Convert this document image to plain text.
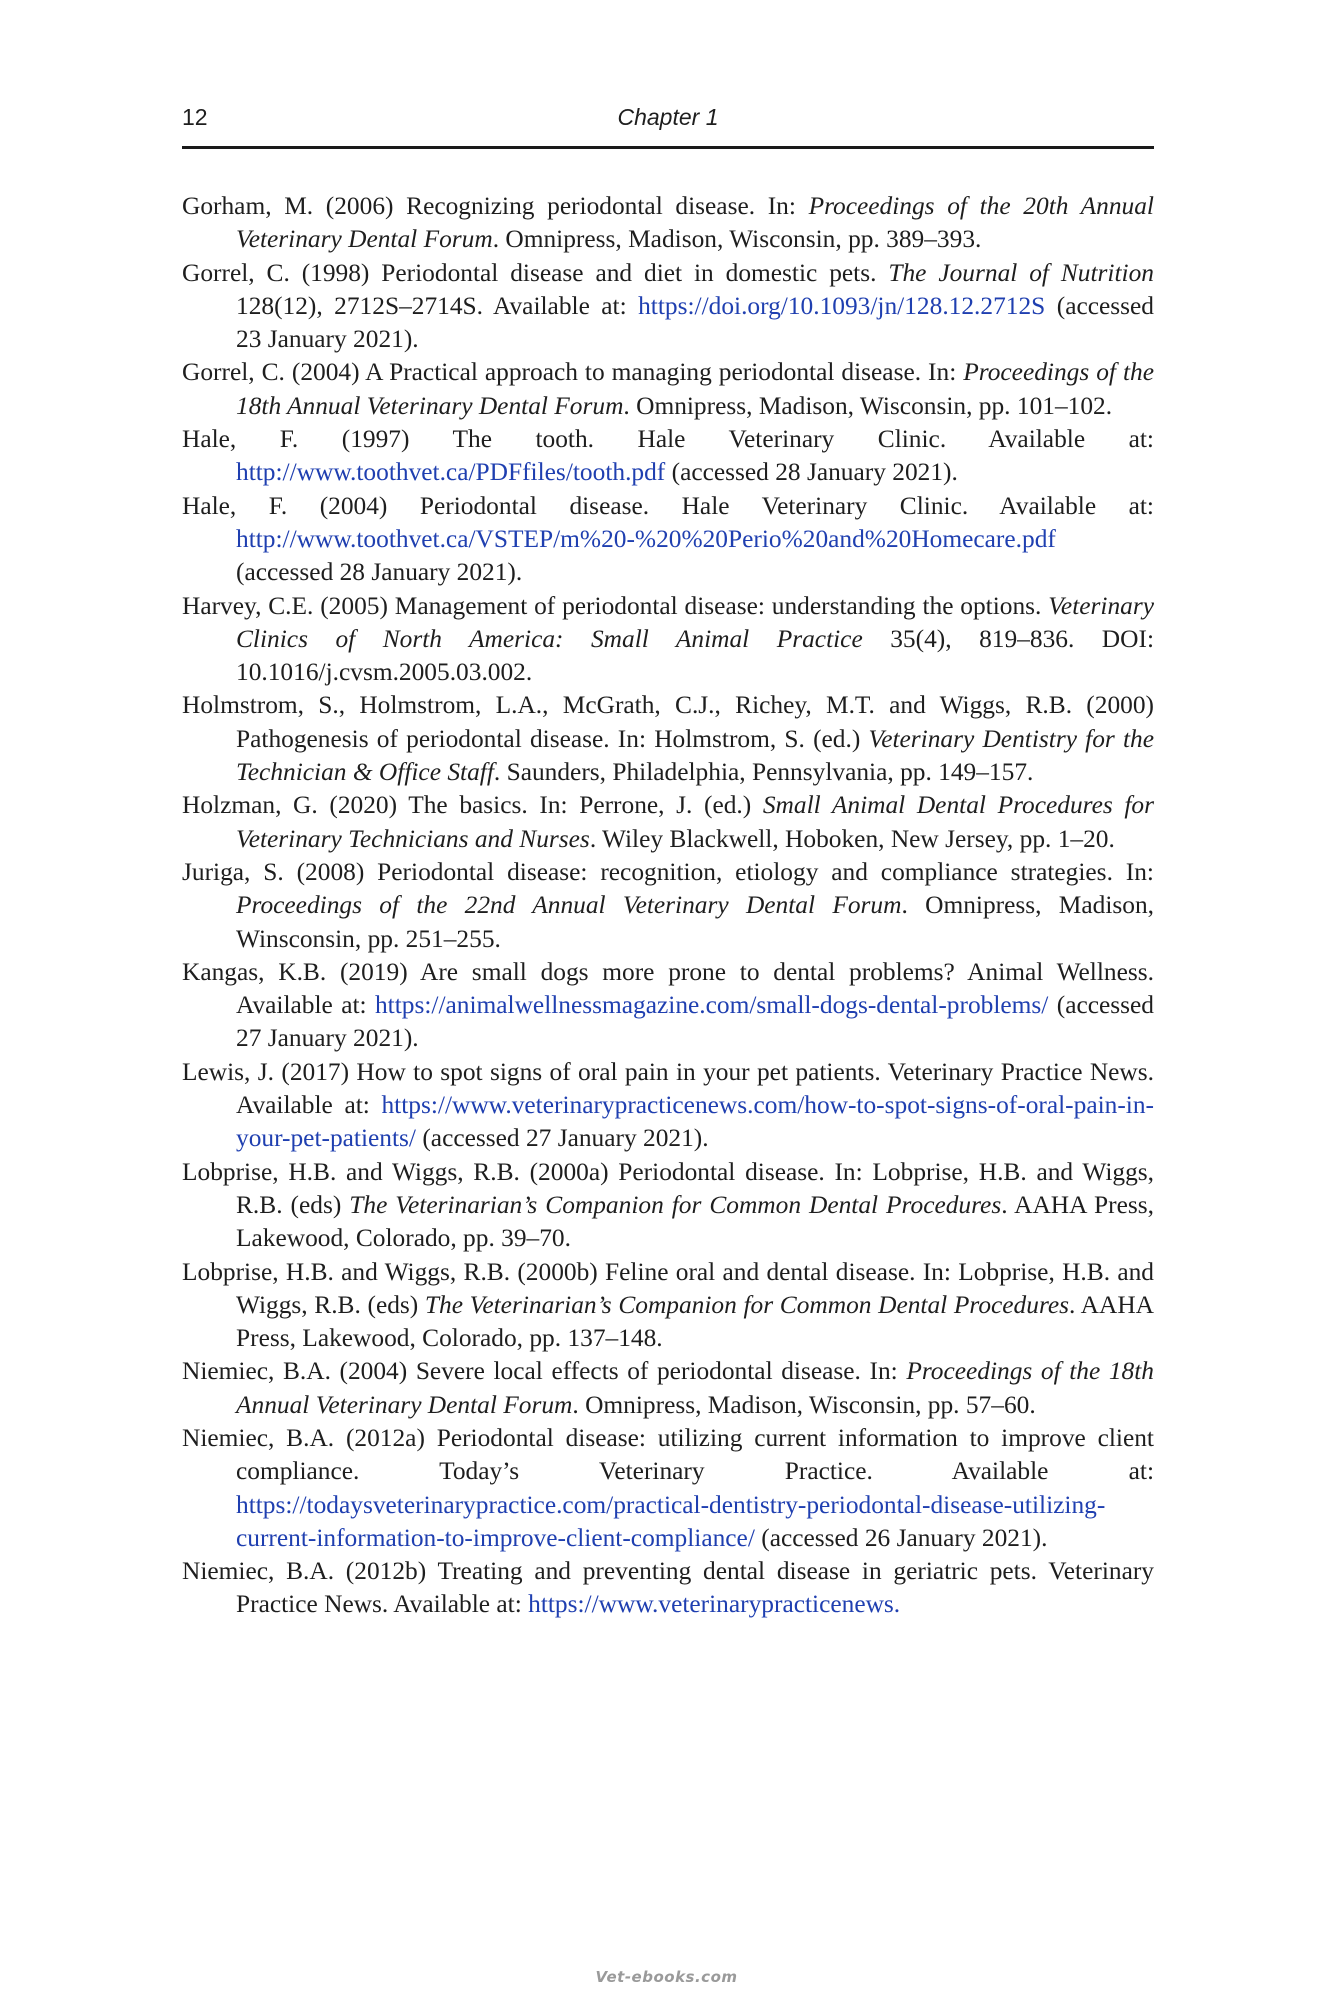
12	Chapter 1

Gorham, M. (2006) Recognizing periodontal disease. In: Proceedings of the 20th Annual Veterinary Dental Forum. Omnipress, Madison, Wisconsin, pp. 389–393.

Gorrel, C. (1998) Periodontal disease and diet in domestic pets. The Journal of Nutrition 128(12), 2712S–2714S. Available at: https://doi.org/10.1093/jn/128.12.2712S (accessed 23 January 2021).

Gorrel, C. (2004) A Practical approach to managing periodontal disease. In: Proceedings of the 18th Annual Veterinary Dental Forum. Omnipress, Madison, Wisconsin, pp. 101–102.

Hale, F. (1997) The tooth. Hale Veterinary Clinic. Available at: http://www.toothvet.ca/PDFfiles/tooth.pdf (accessed 28 January 2021).

Hale, F. (2004) Periodontal disease. Hale Veterinary Clinic. Available at: http://www.toothvet.ca/VSTEP/m%20-%20%20Perio%20and%20Homecare.pdf (accessed 28 January 2021).

Harvey, C.E. (2005) Management of periodontal disease: understanding the options. Veterinary Clinics of North America: Small Animal Practice 35(4), 819–836. DOI: 10.1016/j.cvsm.2005.03.002.

Holmstrom, S., Holmstrom, L.A., McGrath, C.J., Richey, M.T. and Wiggs, R.B. (2000) Pathogenesis of periodontal disease. In: Holmstrom, S. (ed.) Veterinary Dentistry for the Technician & Office Staff. Saunders, Philadelphia, Pennsylvania, pp. 149–157.

Holzman, G. (2020) The basics. In: Perrone, J. (ed.) Small Animal Dental Procedures for Veterinary Technicians and Nurses. Wiley Blackwell, Hoboken, New Jersey, pp. 1–20.

Juriga, S. (2008) Periodontal disease: recognition, etiology and compliance strategies. In: Proceedings of the 22nd Annual Veterinary Dental Forum. Omnipress, Madison, Winsconsin, pp. 251–255.

Kangas, K.B. (2019) Are small dogs more prone to dental problems? Animal Wellness. Available at: https://animalwellnessmagazine.com/small-dogs-dental-problems/ (accessed 27 January 2021).

Lewis, J. (2017) How to spot signs of oral pain in your pet patients. Veterinary Practice News. Available at: https://www.veterinarypracticenews.com/how-to-spot-signs-of-oral-pain-in-your-pet-patients/ (accessed 27 January 2021).

Lobprise, H.B. and Wiggs, R.B. (2000a) Periodontal disease. In: Lobprise, H.B. and Wiggs, R.B. (eds) The Veterinarian’s Companion for Common Dental Procedures. AAHA Press, Lakewood, Colorado, pp. 39–70.

Lobprise, H.B. and Wiggs, R.B. (2000b) Feline oral and dental disease. In: Lobprise, H.B. and Wiggs, R.B. (eds) The Veterinarian’s Companion for Common Dental Procedures. AAHA Press, Lakewood, Colorado, pp. 137–148.

Niemiec, B.A. (2004) Severe local effects of periodontal disease. In: Proceedings of the 18th Annual Veterinary Dental Forum. Omnipress, Madison, Wisconsin, pp. 57–60.

Niemiec, B.A. (2012a) Periodontal disease: utilizing current information to improve client compliance. Today’s Veterinary Practice. Available at: https://todaysveterinarypractice.com/practical-dentistry-periodontal-disease-utilizing-current-information-to-improve-client-compliance/ (accessed 26 January 2021).

Niemiec, B.A. (2012b) Treating and preventing dental disease in geriatric pets. Veterinary Practice News. Available at: https://www.veterinarypracticenews.

Vet-ebooks.com
